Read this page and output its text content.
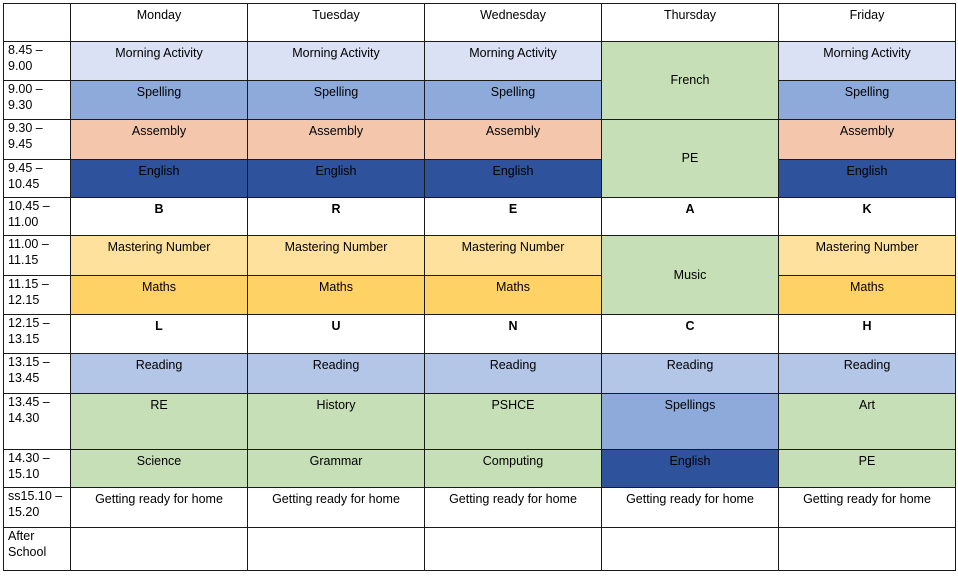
	Monday	Tuesday	Wednesday	Thursday	Friday

8.45 – 9.00	Morning Activity	Morning Activity	Morning Activity	French	Morning Activity

9.00 – 9.30	Spelling	Spelling	Spelling		Spelling

9.30 – 9.45	Assembly	Assembly	Assembly	PE	Assembly

9.45 – 10.45	English	English	English		English

10.45 – 11.00	B	R	E	A	K

11.00 – 11.15	Mastering Number	Mastering Number	Mastering Number	Music	Mastering Number

11.15 – 12.15	Maths	Maths	Maths		Maths

12.15 – 13.15	L	U	N	C	H

13.15 – 13.45	Reading	Reading	Reading	Reading	Reading

13.45 – 14.30	RE	History	PSHCE	Spellings	Art

14.30 – 15.10	Science	Grammar	Computing	English	PE

ss15.10 – 15.20	Getting ready for home	Getting ready for home	Getting ready for home	Getting ready for home	Getting ready for home

After School					
